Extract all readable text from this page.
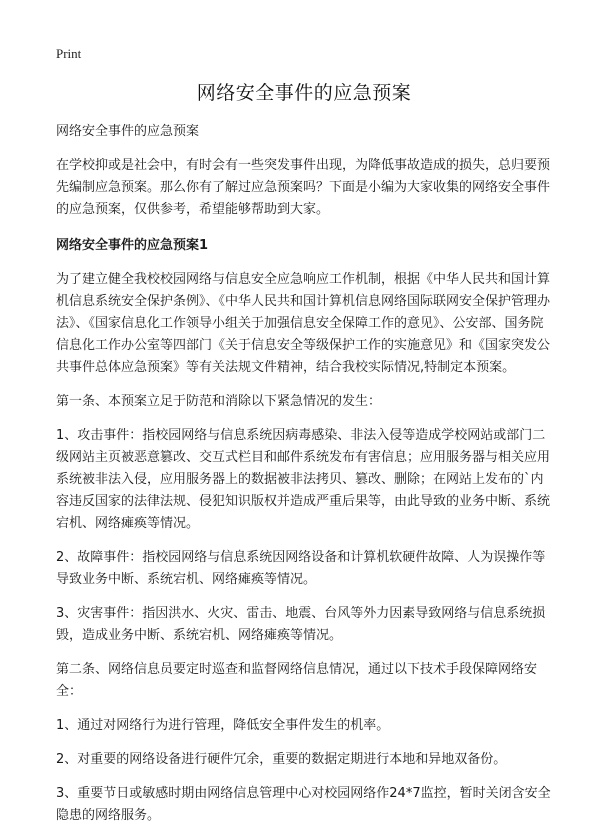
Print
网络安全事件的应急预案
网络安全事件的应急预案

在学校抑或是社会中，有时会有一些突发事件出现，为降低事故造成的损失，总归要预先编制应急预案。那么你有了解过应急预案吗？下面是小编为大家收集的网络安全事件的应急预案，仅供参考，希望能够帮助到大家。

网络安全事件的应急预案1

为了建立健全我校校园网络与信息安全应急响应工作机制，根据《中华人民共和国计算机信息系统安全保护条例》、《中华人民共和国计算机信息网络国际联网安全保护管理办法》、《国家信息化工作领导小组关于加强信息安全保障工作的意见》、公安部、国务院信息化工作办公室等四部门《关于信息安全等级保护工作的实施意见》和《国家突发公共事件总体应急预案》等有关法规文件精神，结合我校实际情况,特制定本预案。

第一条、本预案立足于防范和消除以下紧急情况的发生：

1、攻击事件：指校园网络与信息系统因病毒感染、非法入侵等造成学校网站或部门二级网站主页被恶意篡改、交互式栏目和邮件系统发布有害信息；应用服务器与相关应用系统被非法入侵，应用服务器上的数据被非法拷贝、篡改、删除；在网站上发布的`内容违反国家的法律法规、侵犯知识版权并造成严重后果等，由此导致的业务中断、系统宕机、网络瘫痪等情况。

2、故障事件：指校园网络与信息系统因网络设备和计算机软硬件故障、人为误操作等导致业务中断、系统宕机、网络瘫痪等情况。

3、灾害事件：指因洪水、火灾、雷击、地震、台风等外力因素导致网络与信息系统损毁，造成业务中断、系统宕机、网络瘫痪等情况。

第二条、网络信息员要定时巡查和监督网络信息情况，通过以下技术手段保障网络安全：

1、通过对网络行为进行管理，降低安全事件发生的机率。

2、对重要的网络设备进行硬件冗余，重要的数据定期进行本地和异地双备份。

3、重要节日或敏感时期由网络信息管理中心对校园网络作24*7监控，暂时关闭含安全隐患的网络服务。
